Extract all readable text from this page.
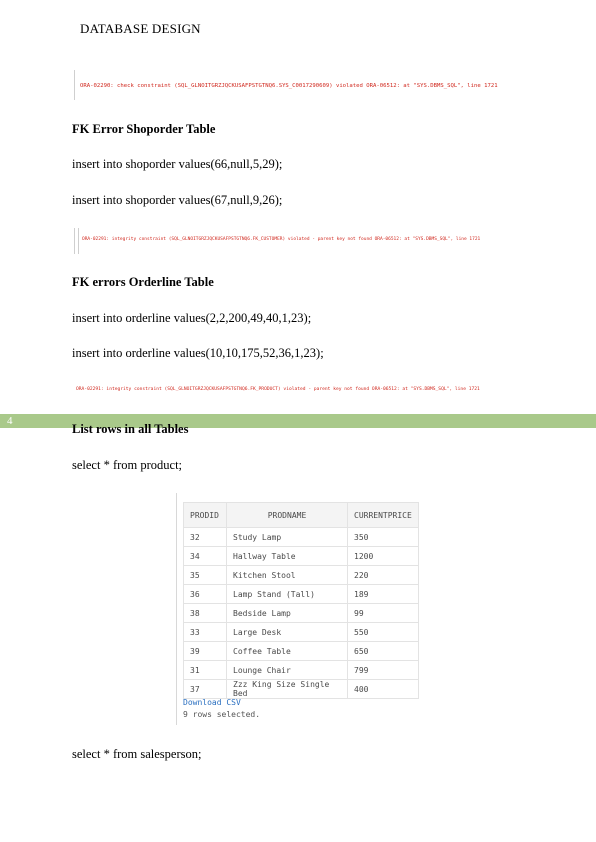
DATABASE DESIGN
ORA-02290: check constraint (SQL_GLNOITGRZJQCKUSAFPSTGTNQ6.SYS_C0017290609) violated ORA-06512: at "SYS.DBMS_SQL", line 1721
FK Error Shoporder Table
insert into shoporder values(66,null,5,29);
insert into shoporder values(67,null,9,26);
ORA-02291: integrity constraint (SQL_GLNOITGRZJQCKUSAFPSTGTNQ6.FK_CUSTOMER) violated - parent key not found ORA-06512: at "SYS.DBMS_SQL", line 1721
FK errors Orderline Table
insert into orderline values(2,2,200,49,40,1,23);
insert into orderline values(10,10,175,52,36,1,23);
ORA-02291: integrity constraint (SQL_GLNOITGRZJQCKUSAFPSTGTNQ6.FK_PRODUCT) violated - parent key not found ORA-06512: at "SYS.DBMS_SQL", line 1721
4
List rows in all Tables
select * from product;
PRODID	PRODNAME	CURRENTPRICE
32	Study Lamp	350
34	Hallway Table	1200
35	Kitchen Stool	220
36	Lamp Stand (Tall)	189
38	Bedside Lamp	99
33	Large Desk	550
39	Coffee Table	650
31	Lounge Chair	799
37	Zzz King Size Single Bed	400
Download CSV
9 rows selected.
select * from salesperson;
